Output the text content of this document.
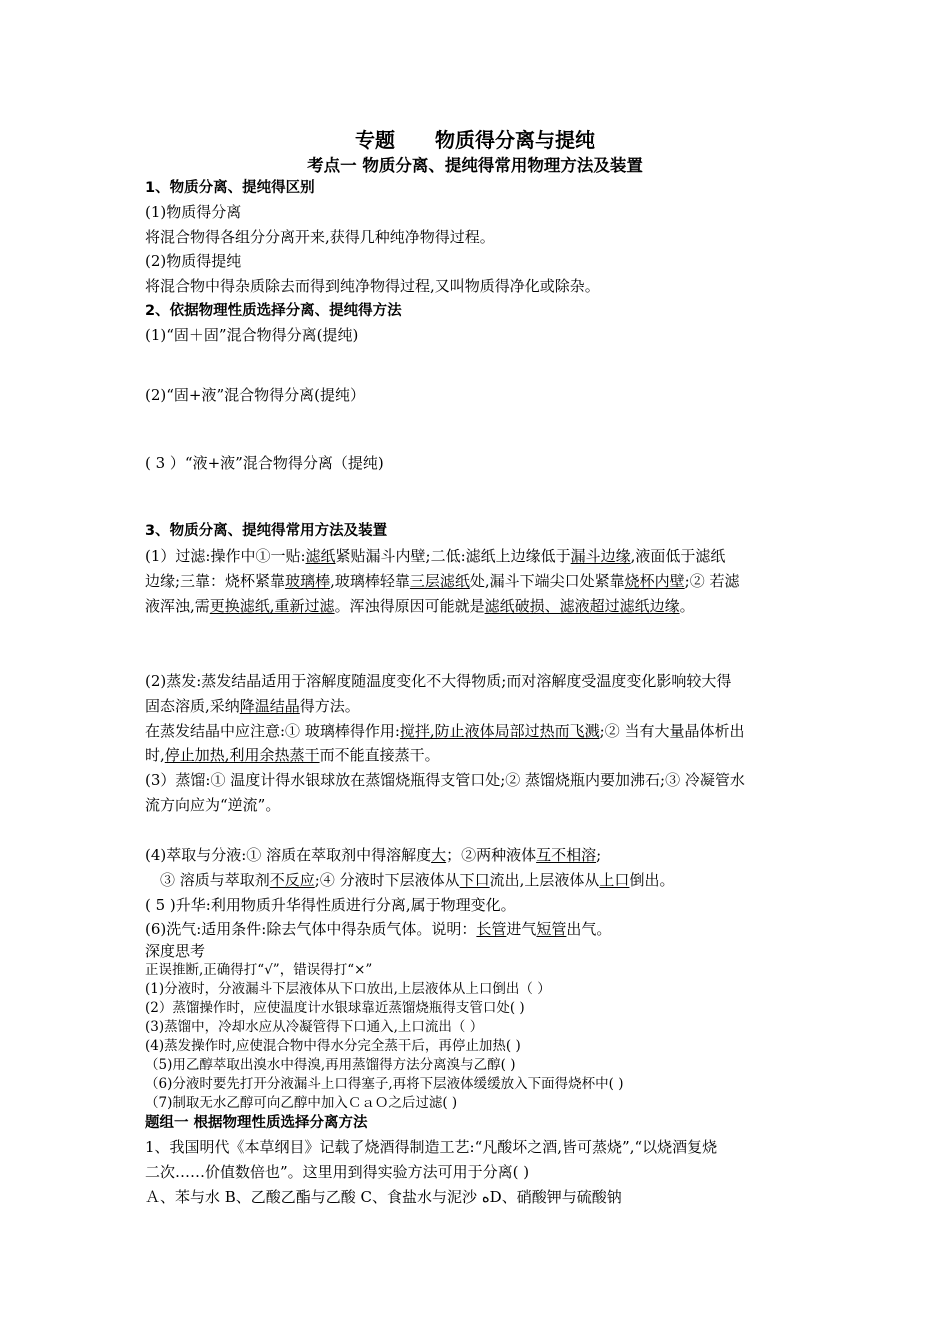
专题 物质得分离与提纯
考点一 物质分离、提纯得常用物理方法及装置
1、物质分离、提纯得区别
(1)物质得分离
将混合物得各组分分离开来,获得几种纯净物得过程。
(2)物质得提纯
将混合物中得杂质除去而得到纯净物得过程,又叫物质得净化或除杂。
2、依据物理性质选择分离、提纯得方法
(1)“固＋固”混合物得分离(提纯)
(2)“固+液”混合物得分离(提纯）
( 3 ）“液+液”混合物得分离（提纯)
3、物质分离、提纯得常用方法及装置
(1）过滤:操作中①一贴:滤纸紧贴漏斗内壁;二低:滤纸上边缘低于漏斗边缘,液面低于滤纸
边缘;三靠：烧杯紧靠玻璃棒,玻璃棒轻靠三层滤纸处,漏斗下端尖口处紧靠烧杯内壁;② 若滤
液浑浊,需更换滤纸,重新过滤。浑浊得原因可能就是滤纸破损、滤液超过滤纸边缘。
(2)蒸发:蒸发结晶适用于溶解度随温度变化不大得物质;而对溶解度受温度变化影响较大得
固态溶质,采纳降温结晶得方法。
在蒸发结晶中应注意:① 玻璃棒得作用:搅拌,防止液体局部过热而飞溅;② 当有大量晶体析出
时,停止加热,利用余热蒸干而不能直接蒸干。
(3）蒸馏:① 温度计得水银球放在蒸馏烧瓶得支管口处;② 蒸馏烧瓶内要加沸石;③ 冷凝管水
流方向应为“逆流”。
(4)萃取与分液:① 溶质在萃取剂中得溶解度大；②两种液体互不相溶;
③ 溶质与萃取剂不反应;④ 分液时下层液体从下口流出,上层液体从上口倒出。
( 5 )升华:利用物质升华得性质进行分离,属于物理变化。
(6)洗气:适用条件:除去气体中得杂质气体。说明：长管进气短管出气。
深度思考
正误推断,正确得打“√”，错误得打“×”
(1)分液时，分液漏斗下层液体从下口放出,上层液体从上口倒出（ ）
(2）蒸馏操作时，应使温度计水银球靠近蒸馏烧瓶得支管口处( )
(3)蒸馏中，冷却水应从冷凝管得下口通入,上口流出（ ）
(4)蒸发操作时,应使混合物中得水分完全蒸干后，再停止加热( )
（5)用乙醇萃取出溴水中得溴,再用蒸馏得方法分离溴与乙醇( )
（6)分液时要先打开分液漏斗上口得塞子,再将下层液体缓缓放入下面得烧杯中( )
（7)制取无水乙醇可向乙醇中加入ＣａＯ之后过滤( )
题组一 根据物理性质选择分离方法
1、我国明代《本草纲目》记载了烧酒得制造工艺:“凡酸坏之酒,皆可蒸烧”,“以烧酒复烧
二次……价值数倍也”。这里用到得实验方法可用于分离( )
Ａ、苯与水 B、乙酸乙酯与乙酸 C、食盐水与泥沙 ﻩD、硝酸钾与硫酸钠
